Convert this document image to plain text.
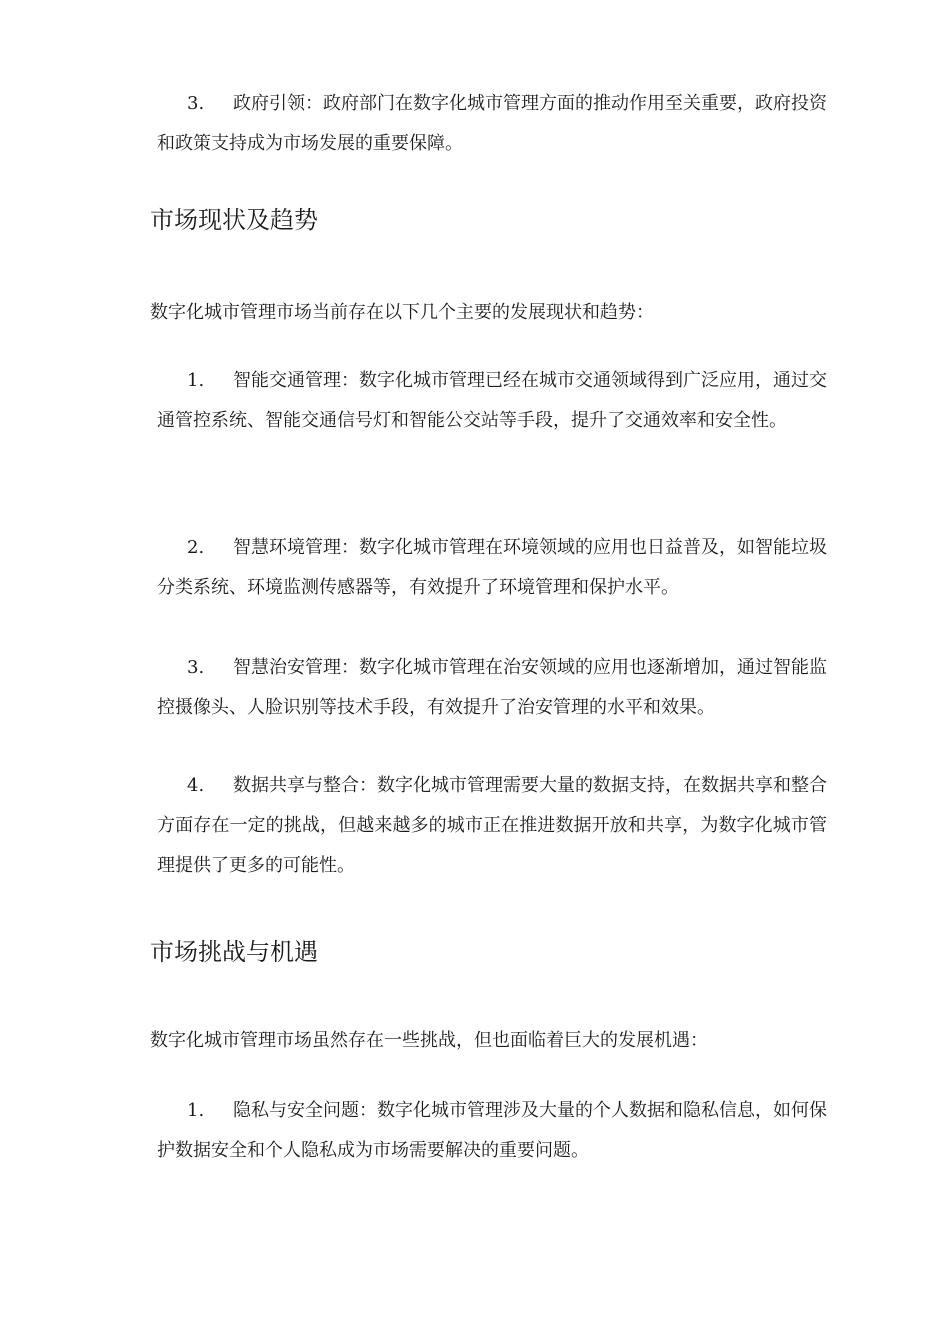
3. 政府引领：政府部门在数字化城市管理方面的推动作用至关重要，政府投资和政策支持成为市场发展的重要保障。
市场现状及趋势

数字化城市管理市场当前存在以下几个主要的发展现状和趋势：

1. 智能交通管理：数字化城市管理已经在城市交通领域得到广泛应用，通过交通管控系统、智能交通信号灯和智能公交站等手段，提升了交通效率和安全性。
2. 智慧环境管理：数字化城市管理在环境领域的应用也日益普及，如智能垃圾分类系统、环境监测传感器等，有效提升了环境管理和保护水平。
3. 智慧治安管理：数字化城市管理在治安领域的应用也逐渐增加，通过智能监控摄像头、人脸识别等技术手段，有效提升了治安管理的水平和效果。
4. 数据共享与整合：数字化城市管理需要大量的数据支持，在数据共享和整合方面存在一定的挑战，但越来越多的城市正在推进数据开放和共享，为数字化城市管理提供了更多的可能性。
市场挑战与机遇

数字化城市管理市场虽然存在一些挑战，但也面临着巨大的发展机遇：

1. 隐私与安全问题：数字化城市管理涉及大量的个人数据和隐私信息，如何保护数据安全和个人隐私成为市场需要解决的重要问题。
